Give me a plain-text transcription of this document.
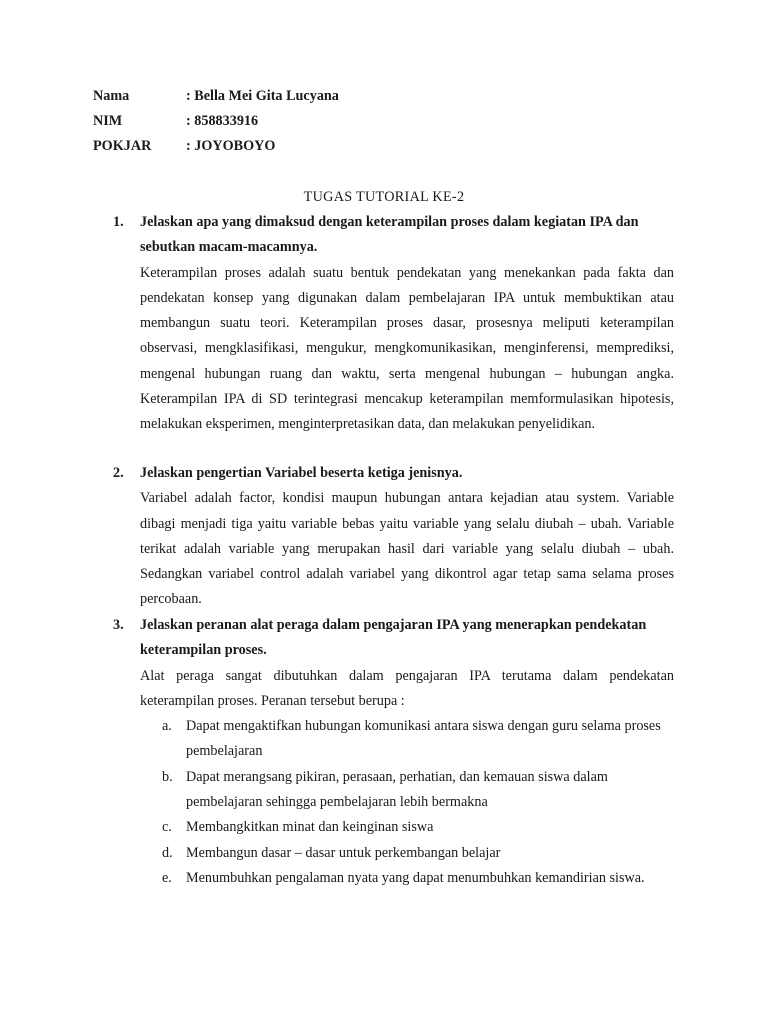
Nama	: Bella Mei Gita Lucyana
NIM	: 858833916
POKJAR : JOYOBOYO
TUGAS TUTORIAL KE-2
1.	Jelaskan apa yang dimaksud dengan keterampilan proses dalam kegiatan IPA dan sebutkan macam-macamnya.

Keterampilan proses adalah suatu bentuk pendekatan yang menekankan pada fakta dan pendekatan konsep yang digunakan dalam pembelajaran IPA untuk membuktikan atau membangun suatu teori. Keterampilan proses dasar, prosesnya meliputi keterampilan observasi, mengklasifikasi, mengukur, mengkomunikasikan, menginferensi, memprediksi, mengenal hubungan ruang dan waktu, serta mengenal hubungan – hubungan angka. Keterampilan IPA di SD terintegrasi mencakup keterampilan memformulasikan hipotesis, melakukan eksperimen, menginterpretasikan data, dan melakukan penyelidikan.

2.	Jelaskan pengertian Variabel beserta ketiga jenisnya.

Variabel adalah factor, kondisi maupun hubungan antara kejadian atau system. Variable dibagi menjadi tiga yaitu variable bebas yaitu variable yang selalu diubah – ubah. Variable terikat adalah variable yang merupakan hasil dari variable yang selalu diubah – ubah. Sedangkan variabel control adalah variabel yang dikontrol agar tetap sama selama proses percobaan.

3.	Jelaskan peranan alat peraga dalam pengajaran IPA yang menerapkan pendekatan keterampilan proses.

Alat peraga sangat dibutuhkan dalam pengajaran IPA terutama dalam pendekatan keterampilan proses. Peranan tersebut berupa :

a. Dapat mengaktifkan hubungan komunikasi antara siswa dengan guru selama proses pembelajaran
b. Dapat merangsang pikiran, perasaan, perhatian, dan kemauan siswa dalam pembelajaran sehingga pembelajaran lebih bermakna
c. Membangkitkan minat dan keinginan siswa
d. Membangun dasar – dasar untuk perkembangan belajar
e. Menumbuhkan pengalaman nyata yang dapat menumbuhkan kemandirian siswa.
